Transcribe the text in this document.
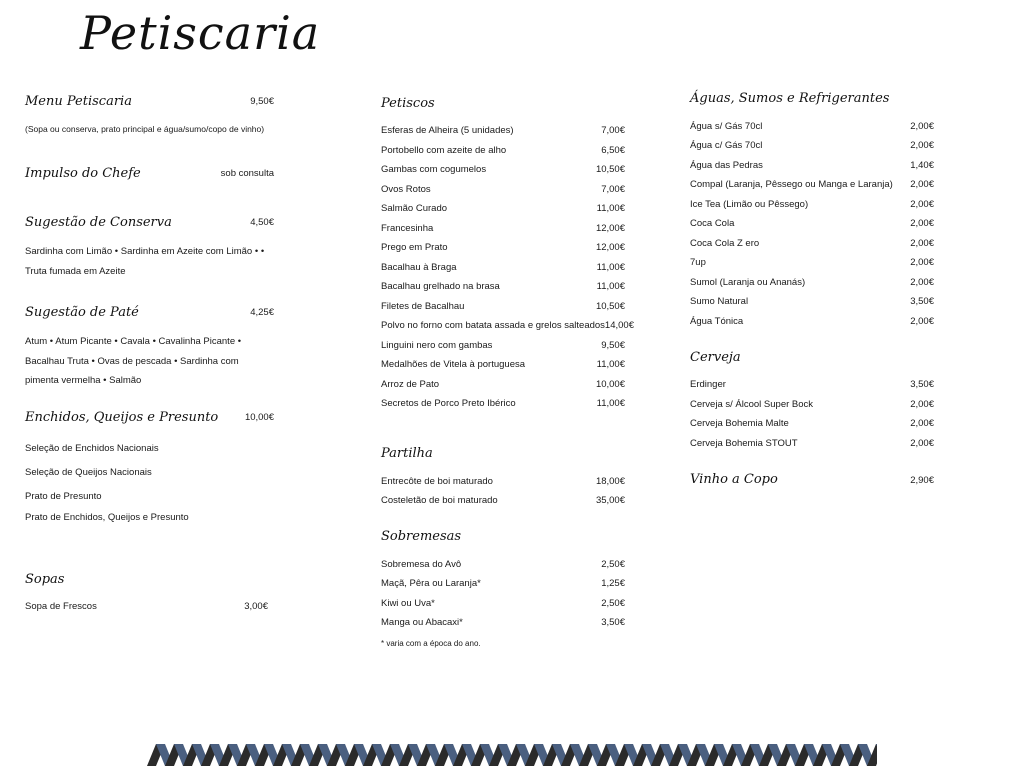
Petiscaria
Menu Petiscaria	9,50€
(Sopa ou conserva, prato principal e água/sumo/copo de vinho)
Impulso do Chefe	sob consulta
Sugestão de Conserva	4,50€
Sardinha com Limão • Sardinha em Azeite com Limão • • Truta fumada em Azeite
Sugestão de Paté	4,25€
Atum • Atum Picante • Cavala • Cavalinha Picante • Bacalhau Truta • Ovas de pescada • Sardinha com pimenta vermelha • Salmão
Enchidos, Queijos e Presunto	10,00€
Seleção de Enchidos Nacionais
Seleção de Queijos Nacionais
Prato de Presunto
Prato de Enchidos, Queijos e Presunto
Sopas
Sopa de Frescos	3,00€
Petiscos
Esferas de Alheira (5 unidades)	7,00€
Portobello com azeite de alho	6,50€
Gambas com cogumelos	10,50€
Ovos Rotos	7,00€
Salmão Curado	11,00€
Francesinha	12,00€
Prego em Prato	12,00€
Bacalhau à Braga	11,00€
Bacalhau grelhado na brasa	11,00€
Filetes de Bacalhau	10,50€
Polvo no forno com batata assada e grelos salteados 14,00€
Linguini nero com gambas	9,50€
Medalhões de Vitela à portuguesa	11,00€
Arroz de Pato	10,00€
Secretos de Porco Preto Ibérico	11,00€
Partilha
Entrecôte de boi maturado	18,00€
Costeletão de boi maturado	35,00€
Sobremesas
Sobremesa do Avô	2,50€
Maçã, Pêra ou Laranja*	1,25€
Kiwi ou Uva*	2,50€
Manga ou Abacaxi*	3,50€
* varia com a época do ano.
Águas, Sumos e Refrigerantes
Água s/ Gás 70cl	2,00€
Água c/ Gás 70cl	2,00€
Água das Pedras	1,40€
Compal (Laranja, Pêssego ou Manga e Laranja) 2,00€
Ice Tea (Limão ou Pêssego)	2,00€
Coca Cola	2,00€
Coca Cola Z ero	2,00€
7up	2,00€
Sumol (Laranja ou Ananás)	2,00€
Sumo Natural	3,50€
Água Tónica	2,00€
Cerveja
Erdinger	3,50€
Cerveja s/ Álcool Super Bock	2,00€
Cerveja Bohemia Malte	2,00€
Cerveja Bohemia STOUT	2,00€
Vinho a Copo	2,90€
